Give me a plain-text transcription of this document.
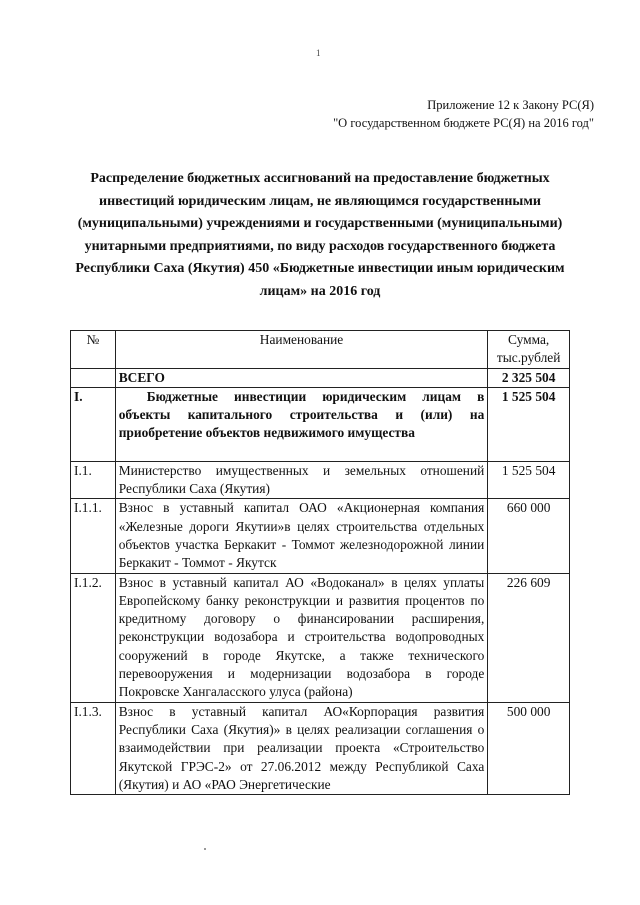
1
Приложение 12 к Закону РС(Я)
"О государственном бюджете РС(Я) на 2016 год"
Распределение бюджетных ассигнований на предоставление бюджетных инвестиций юридическим лицам, не являющимся государственными (муниципальными) учреждениями и государственными (муниципальными) унитарными предприятиями, по виду расходов государственного бюджета Республики Саха (Якутия) 450 «Бюджетные инвестиции иным юридическим лицам» на 2016 год
№	Наименование	Сумма, тыс.рублей
	ВСЕГО	2 325 504
I.	Бюджетные инвестиции юридическим лицам в объекты капитального строительства и (или) на приобретение объектов недвижимого имущества	1 525 504
I.1.	Министерство имущественных и земельных отношений Республики Саха (Якутия)	1 525 504
I.1.1.	Взнос в уставный капитал ОАО «Акционерная компания «Железные дороги Якутии»в целях строительства отдельных объектов участка Беркакит - Томмот железнодорожной линии Беркакит - Томмот - Якутск	660 000
I.1.2.	Взнос в уставный капитал АО «Водоканал» в целях уплаты Европейскому банку реконструкции и развития процентов по кредитному договору о финансировании расширения, реконструкции водозабора и строительства водопроводных сооружений в городе Якутске, а также технического перевооружения и модернизации водозабора в городе Покровске Хангаласского улуса (района)	226 609
I.1.3.	Взнос в уставный капитал АО«Корпорация развития Республики Саха (Якутия)» в целях реализации соглашения о взаимодействии при реализации проекта «Строительство Якутской ГРЭС-2» от 27.06.2012 между Республикой Саха (Якутия) и АО «РАО Энергетические	500 000
